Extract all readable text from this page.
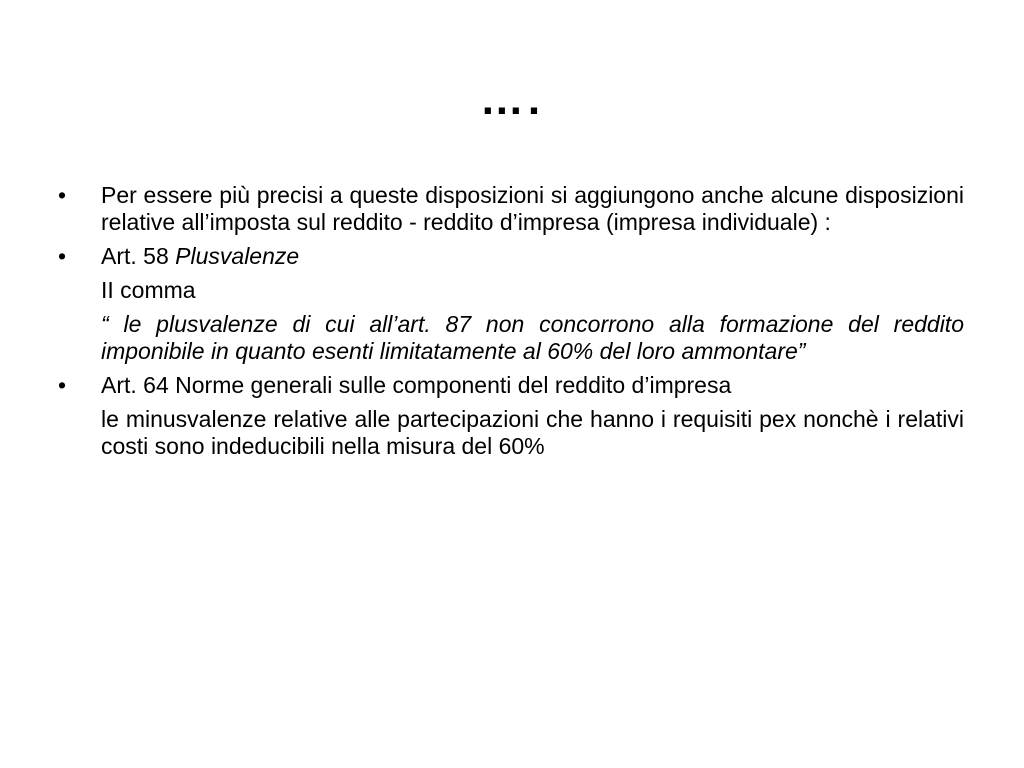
….
• Per essere più precisi a queste disposizioni si aggiungono anche alcune disposizioni relative all’imposta sul reddito - reddito d’impresa (impresa individuale) :
• Art. 58 Plusvalenze
II comma
“ le plusvalenze di cui all’art. 87 non concorrono alla formazione del reddito imponibile in quanto esenti limitatamente al 60% del loro ammontare”
• Art. 64 Norme generali sulle componenti del reddito d’impresa
le minusvalenze relative alle partecipazioni che hanno i requisiti pex nonchè i relativi costi sono indeducibili nella misura del 60%
